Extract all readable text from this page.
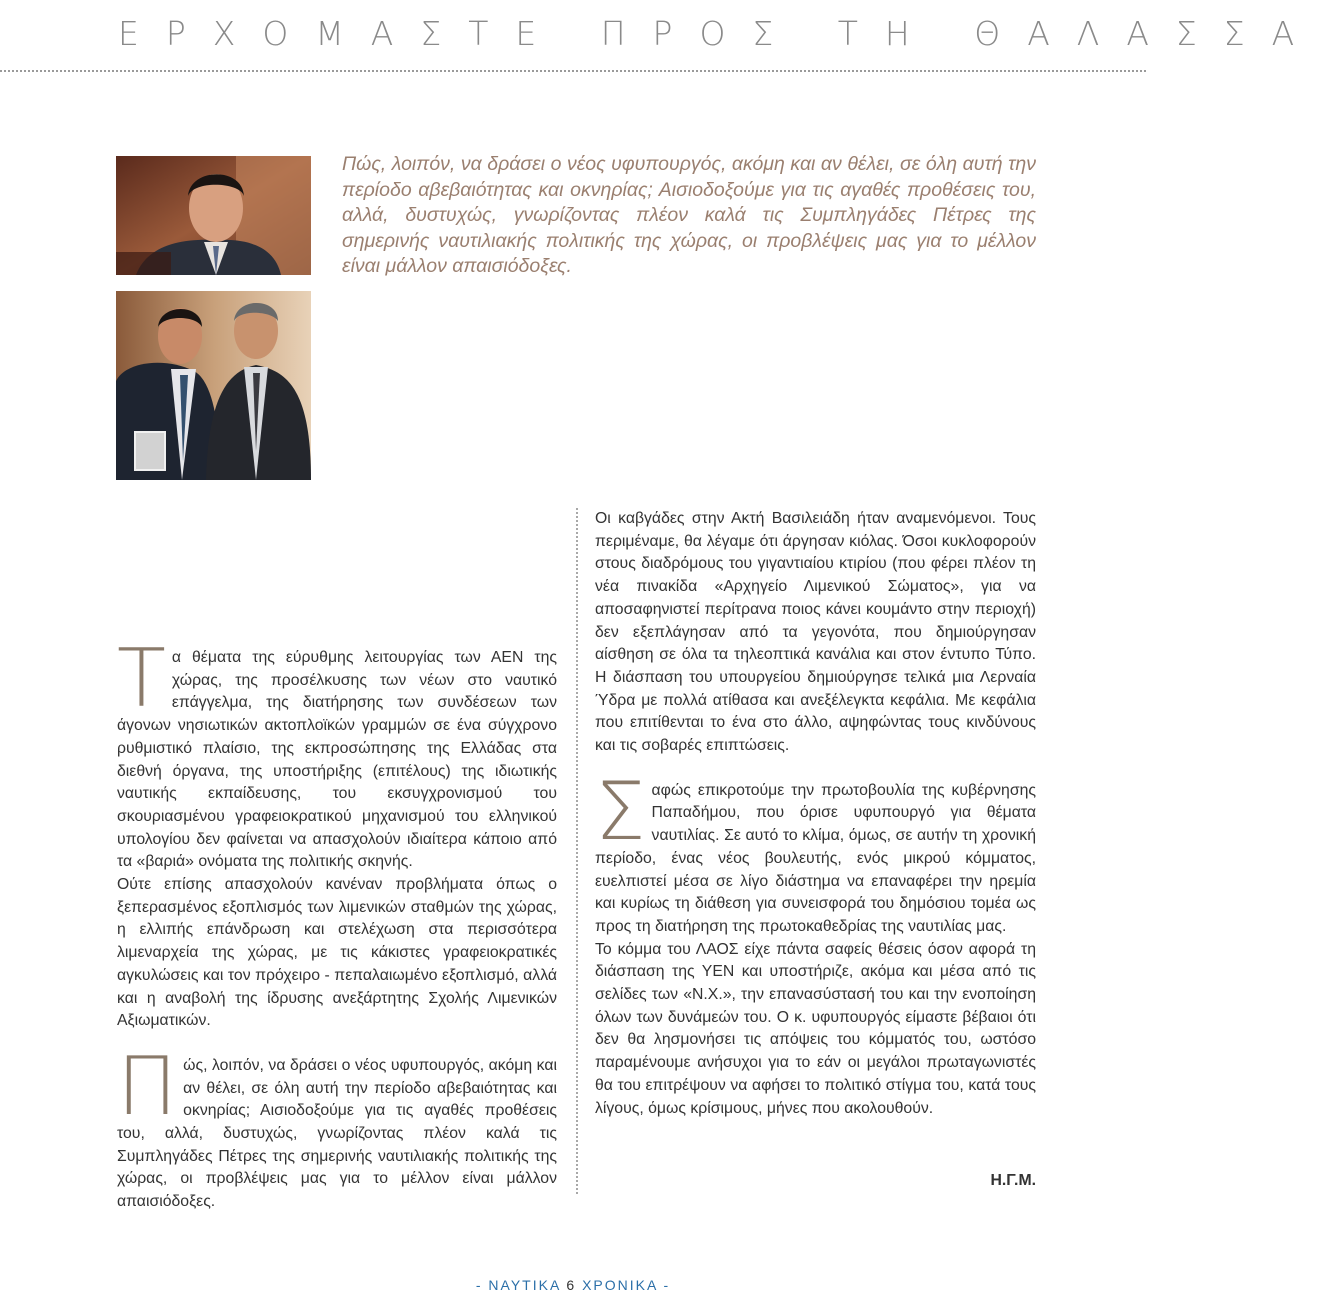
ΕΡΧΟΜΑΣΤΕ ΠΡΟΣ ΤΗ ΘΑΛΑΣΣΑ
Πώς, λοιπόν, να δράσει ο νέος υφυπουργός, ακόμη και αν θέλει, σε όλη αυτή την περίοδο αβεβαιότητας και οκνηρίας; Αισιοδοξούμε για τις αγαθές προθέσεις του, αλλά, δυστυχώς, γνωρίζοντας πλέον καλά τις Συμπληγάδες Πέτρες της σημερινής ναυτιλιακής πολιτικής της χώρας, οι προβλέψεις μας για το μέλλον είναι μάλλον απαισιόδοξες.

Τα θέματα της εύρυθμης λειτουργίας των ΑΕΝ της χώρας, της προσέλκυσης των νέων στο ναυτικό επάγγελμα, της διατήρησης των συνδέσεων των άγονων νησιωτικών ακτοπλοϊκών γραμμών σε ένα σύγχρονο ρυθμιστικό πλαίσιο, της εκπροσώπησης της Ελλάδας στα διεθνή όργανα, της υποστήριξης (επιτέλους) της ιδιωτικής ναυτικής εκπαίδευσης, του εκσυγχρονισμού του σκουριασμένου γραφειοκρατικού μηχανισμού του ελληνικού υπολογίου δεν φαίνεται να απασχολούν ιδιαίτερα κάποιο από τα «βαριά» ονόματα της πολιτικής σκηνής.

Ούτε επίσης απασχολούν κανέναν προβλήματα όπως ο ξεπερασμένος εξοπλισμός των λιμενικών σταθμών της χώρας, η ελλιπής επάνδρωση και στελέχωση στα περισσότερα λιμεναρχεία της χώρας, με τις κάκιστες γραφειοκρατικές αγκυλώσεις και τον πρόχειρο - πεπαλαιωμένο εξοπλισμό, αλλά και η αναβολή της ίδρυσης ανεξάρτητης Σχολής Λιμενικών Αξιωματικών.

Πώς, λοιπόν, να δράσει ο νέος υφυπουργός, ακόμη και αν θέλει, σε όλη αυτή την περίοδο αβεβαιότητας και οκνηρίας; Αισιοδοξούμε για τις αγαθές προθέσεις του, αλλά, δυστυχώς, γνωρίζοντας πλέον καλά τις Συμπληγάδες Πέτρες της σημερινής ναυτιλιακής πολιτικής της χώρας, οι προβλέψεις μας για το μέλλον είναι μάλλον απαισιόδοξες.

Οι καβγάδες στην Ακτή Βασιλειάδη ήταν αναμενόμενοι. Τους περιμέναμε, θα λέγαμε ότι άργησαν κιόλας. Όσοι κυκλοφορούν στους διαδρόμους του γιγαντιαίου κτιρίου (που φέρει πλέον τη νέα πινακίδα «Αρχηγείο Λιμενικού Σώματος», για να αποσαφηνιστεί περίτρανα ποιος κάνει κουμάντο στην περιοχή) δεν εξεπλάγησαν από τα γεγονότα, που δημιούργησαν αίσθηση σε όλα τα τηλεοπτικά κανάλια και στον έντυπο Τύπο. Η διάσπαση του υπουργείου δημιούργησε τελικά μια Λερναία Ύδρα με πολλά ατίθασα και ανεξέλεγκτα κεφάλια. Με κεφάλια που επιτίθενται το ένα στο άλλο, αψηφώντας τους κινδύνους και τις σοβαρές επιπτώσεις.

Σαφώς επικροτούμε την πρωτοβουλία της κυβέρνησης Παπαδήμου, που όρισε υφυπουργό για θέματα ναυτιλίας. Σε αυτό το κλίμα, όμως, σε αυτήν τη χρονική περίοδο, ένας νέος βουλευτής, ενός μικρού κόμματος, ευελπιστεί μέσα σε λίγο διάστημα να επαναφέρει την ηρεμία και κυρίως τη διάθεση για συνεισφορά του δημόσιου τομέα ως προς τη διατήρηση της πρωτοκαθεδρίας της ναυτιλίας μας.

Το κόμμα του ΛΑΟΣ είχε πάντα σαφείς θέσεις όσον αφορά τη διάσπαση της ΥΕΝ και υποστήριζε, ακόμα και μέσα από τις σελίδες των «Ν.Χ.», την επανασύστασή του και την ενοποίηση όλων των δυνάμεών του. Ο κ. υφυπουργός είμαστε βέβαιοι ότι δεν θα λησμονήσει τις απόψεις του κόμματός του, ωστόσο παραμένουμε ανήσυχοι για το εάν οι μεγάλοι πρωταγωνιστές θα του επιτρέψουν να αφήσει το πολιτικό στίγμα του, κατά τους λίγους, όμως κρίσιμους, μήνες που ακολουθούν.

Η.Γ.Μ.
- ΝΑΥΤΙΚΑ 6 ΧΡΟΝΙΚΑ -
